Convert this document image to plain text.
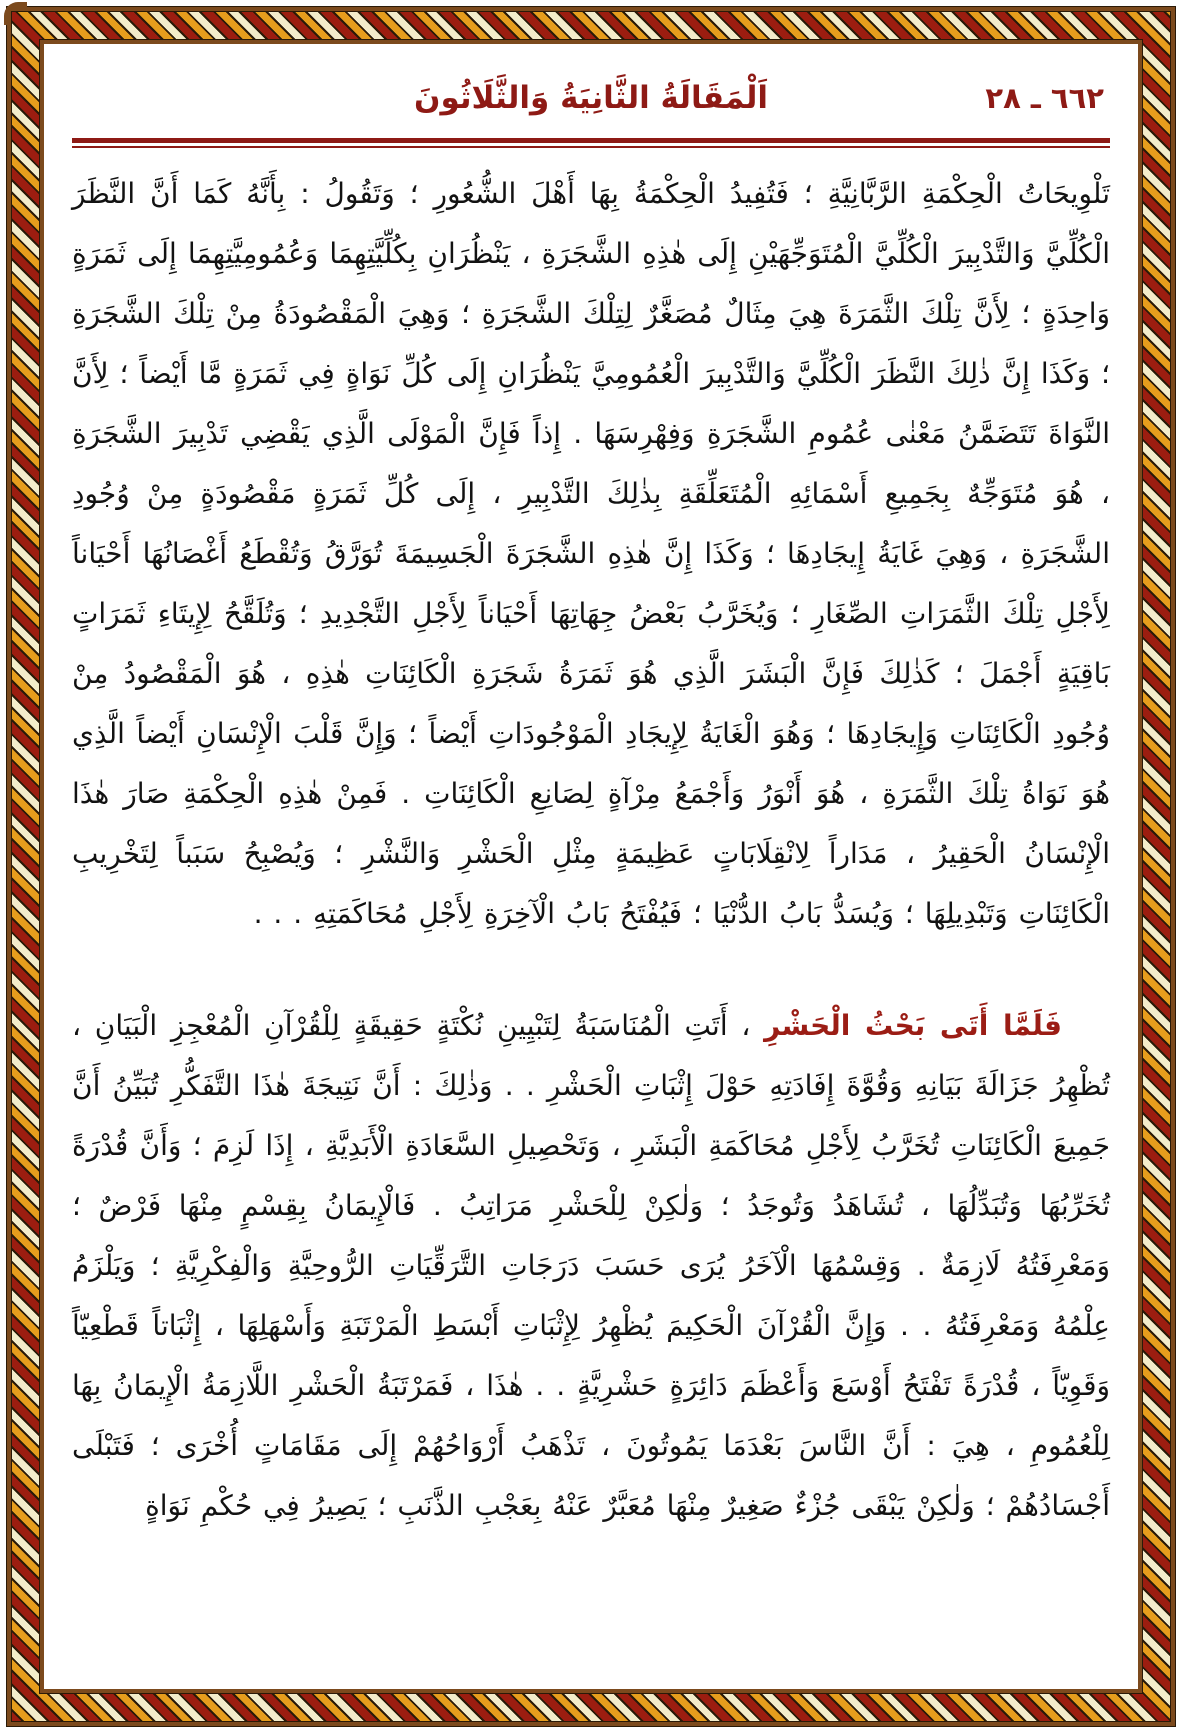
٦٦٢ ـ ٢٨
اَلْمَقَالَةُ الثَّانِيَةُ وَالثَّلَاثُونَ

تَلْوِيحَاتُ الْحِكْمَةِ الرَّبَّانِيَّةِ ؛ فَتُفِيدُ الْحِكْمَةُ بِهَا أَهْلَ الشُّعُورِ ؛ وَتَقُولُ : بِأَنَّهُ كَمَا أَنَّ النَّظَرَ الْكُلِّيَّ وَالتَّدْبِيرَ الْكُلِّيَّ الْمُتَوَجِّهَيْنِ إِلَى هٰذِهِ الشَّجَرَةِ ، يَنْظُرَانِ بِكُلِّيَّتِهِمَا وَعُمُومِيَّتِهِمَا إِلَى ثَمَرَةٍ وَاحِدَةٍ ؛ لِأَنَّ تِلْكَ الثَّمَرَةَ هِيَ مِثَالٌ مُصَغَّرٌ لِتِلْكَ الشَّجَرَةِ ؛ وَهِيَ الْمَقْصُودَةُ مِنْ تِلْكَ الشَّجَرَةِ ؛ وَكَذَا إِنَّ ذٰلِكَ النَّظَرَ الْكُلِّيَّ وَالتَّدْبِيرَ الْعُمُومِيَّ يَنْظُرَانِ إِلَى كُلِّ نَوَاةٍ فِي ثَمَرَةٍ مَّا أَيْضاً ؛ لِأَنَّ النَّوَاةَ تَتَضَمَّنُ مَعْنٰى عُمُومِ الشَّجَرَةِ وَفِهْرِسَهَا . إِذاً فَإِنَّ الْمَوْلَى الَّذِي يَقْضِي تَدْبِيرَ الشَّجَرَةِ ، هُوَ مُتَوَجِّهٌ بِجَمِيعِ أَسْمَائِهِ الْمُتَعَلِّقَةِ بِذٰلِكَ التَّدْبِيرِ ، إِلَى كُلِّ ثَمَرَةٍ مَقْصُودَةٍ مِنْ وُجُودِ الشَّجَرَةِ ، وَهِيَ غَايَةُ إِيجَادِهَا ؛ وَكَذَا إِنَّ هٰذِهِ الشَّجَرَةَ الْجَسِيمَةَ تُوَرَّقُ وَتُقْطَعُ أَغْصَانُهَا أَحْيَاناً لِأَجْلِ تِلْكَ الثَّمَرَاتِ الصِّغَارِ ؛ وَيُخَرَّبُ بَعْضُ جِهَاتِهَا أَحْيَاناً لِأَجْلِ التَّجْدِيدِ ؛ وَتُلَقَّحُ لِإِيتَاءِ ثَمَرَاتٍ بَاقِيَةٍ أَجْمَلَ ؛ كَذٰلِكَ فَإِنَّ الْبَشَرَ الَّذِي هُوَ ثَمَرَةُ شَجَرَةِ الْكَائِنَاتِ هٰذِهِ ، هُوَ الْمَقْصُودُ مِنْ وُجُودِ الْكَائِنَاتِ وَإِيجَادِهَا ؛ وَهُوَ الْغَايَةُ لِإِيجَادِ الْمَوْجُودَاتِ أَيْضاً ؛ وَإِنَّ قَلْبَ الْإِنْسَانِ أَيْضاً الَّذِي هُوَ نَوَاةُ تِلْكَ الثَّمَرَةِ ، هُوَ أَنْوَرُ وَأَجْمَعُ مِرْآةٍ لِصَانِعِ الْكَائِنَاتِ . فَمِنْ هٰذِهِ الْحِكْمَةِ صَارَ هٰذَا الْإِنْسَانُ الْحَقِيرُ ، مَدَاراً لِانْقِلَابَاتٍ عَظِيمَةٍ مِثْلِ الْحَشْرِ وَالنَّشْرِ ؛ وَيُصْبِحُ سَبَباً لِتَخْرِيبِ الْكَائِنَاتِ وَتَبْدِيلِهَا ؛ وَيُسَدُّ بَابُ الدُّنْيَا ؛ فَيُفْتَحُ بَابُ الْآخِرَةِ لِأَجْلِ مُحَاكَمَتِهِ . . .

فَلَمَّا أَتَى بَحْثُ الْحَشْرِ ، أَتَتِ الْمُنَاسَبَةُ لِتَبْيِينِ نُكْتَةٍ حَقِيقَةٍ لِلْقُرْآنِ الْمُعْجِزِ الْبَيَانِ ، تُظْهِرُ جَزَالَةَ بَيَانِهِ وَقُوَّةَ إِفَادَتِهِ حَوْلَ إِثْبَاتِ الْحَشْرِ . . وَذٰلِكَ : أَنَّ نَتِيجَةَ هٰذَا التَّفَكُّرِ تُبَيِّنُ أَنَّ جَمِيعَ الْكَائِنَاتِ تُخَرَّبُ لِأَجْلِ مُحَاكَمَةِ الْبَشَرِ ، وَتَحْصِيلِ السَّعَادَةِ الْأَبَدِيَّةِ ، إِذَا لَزِمَ ؛ وَأَنَّ قُدْرَةً تُخَرِّبُهَا وَتُبَدِّلُهَا ، تُشَاهَدُ وَتُوجَدُ ؛ وَلٰكِنْ لِلْحَشْرِ مَرَاتِبُ . فَالْإِيمَانُ بِقِسْمٍ مِنْهَا فَرْضٌ ؛ وَمَعْرِفَتُهُ لَازِمَةٌ . وَقِسْمُهَا الْآخَرُ يُرَى حَسَبَ دَرَجَاتِ التَّرَقِّيَاتِ الرُّوحِيَّةِ وَالْفِكْرِيَّةِ ؛ وَيَلْزَمُ عِلْمُهُ وَمَعْرِفَتُهُ . . وَإِنَّ الْقُرْآنَ الْحَكِيمَ يُظْهِرُ لِإِثْبَاتِ أَبْسَطِ الْمَرْتَبَةِ وَأَسْهَلِهَا ، إِثْبَاتاً قَطْعِيّاً وَقَوِيّاً ، قُدْرَةً تَفْتَحُ أَوْسَعَ وَأَعْظَمَ دَائِرَةٍ حَشْرِيَّةٍ . . هٰذَا ، فَمَرْتَبَةُ الْحَشْرِ اللَّازِمَةُ الْإِيمَانُ بِهَا لِلْعُمُومِ ، هِيَ : أَنَّ النَّاسَ بَعْدَمَا يَمُوتُونَ ، تَذْهَبُ أَرْوَاحُهُمْ إِلَى مَقَامَاتٍ أُخْرَى ؛ فَتَبْلَى أَجْسَادُهُمْ ؛ وَلٰكِنْ يَبْقَى جُزْءٌ صَغِيرٌ مِنْهَا مُعَبَّرٌ عَنْهُ بِعَجْبِ الذَّنَبِ ؛ يَصِيرُ فِي حُكْمِ نَوَاةٍ
